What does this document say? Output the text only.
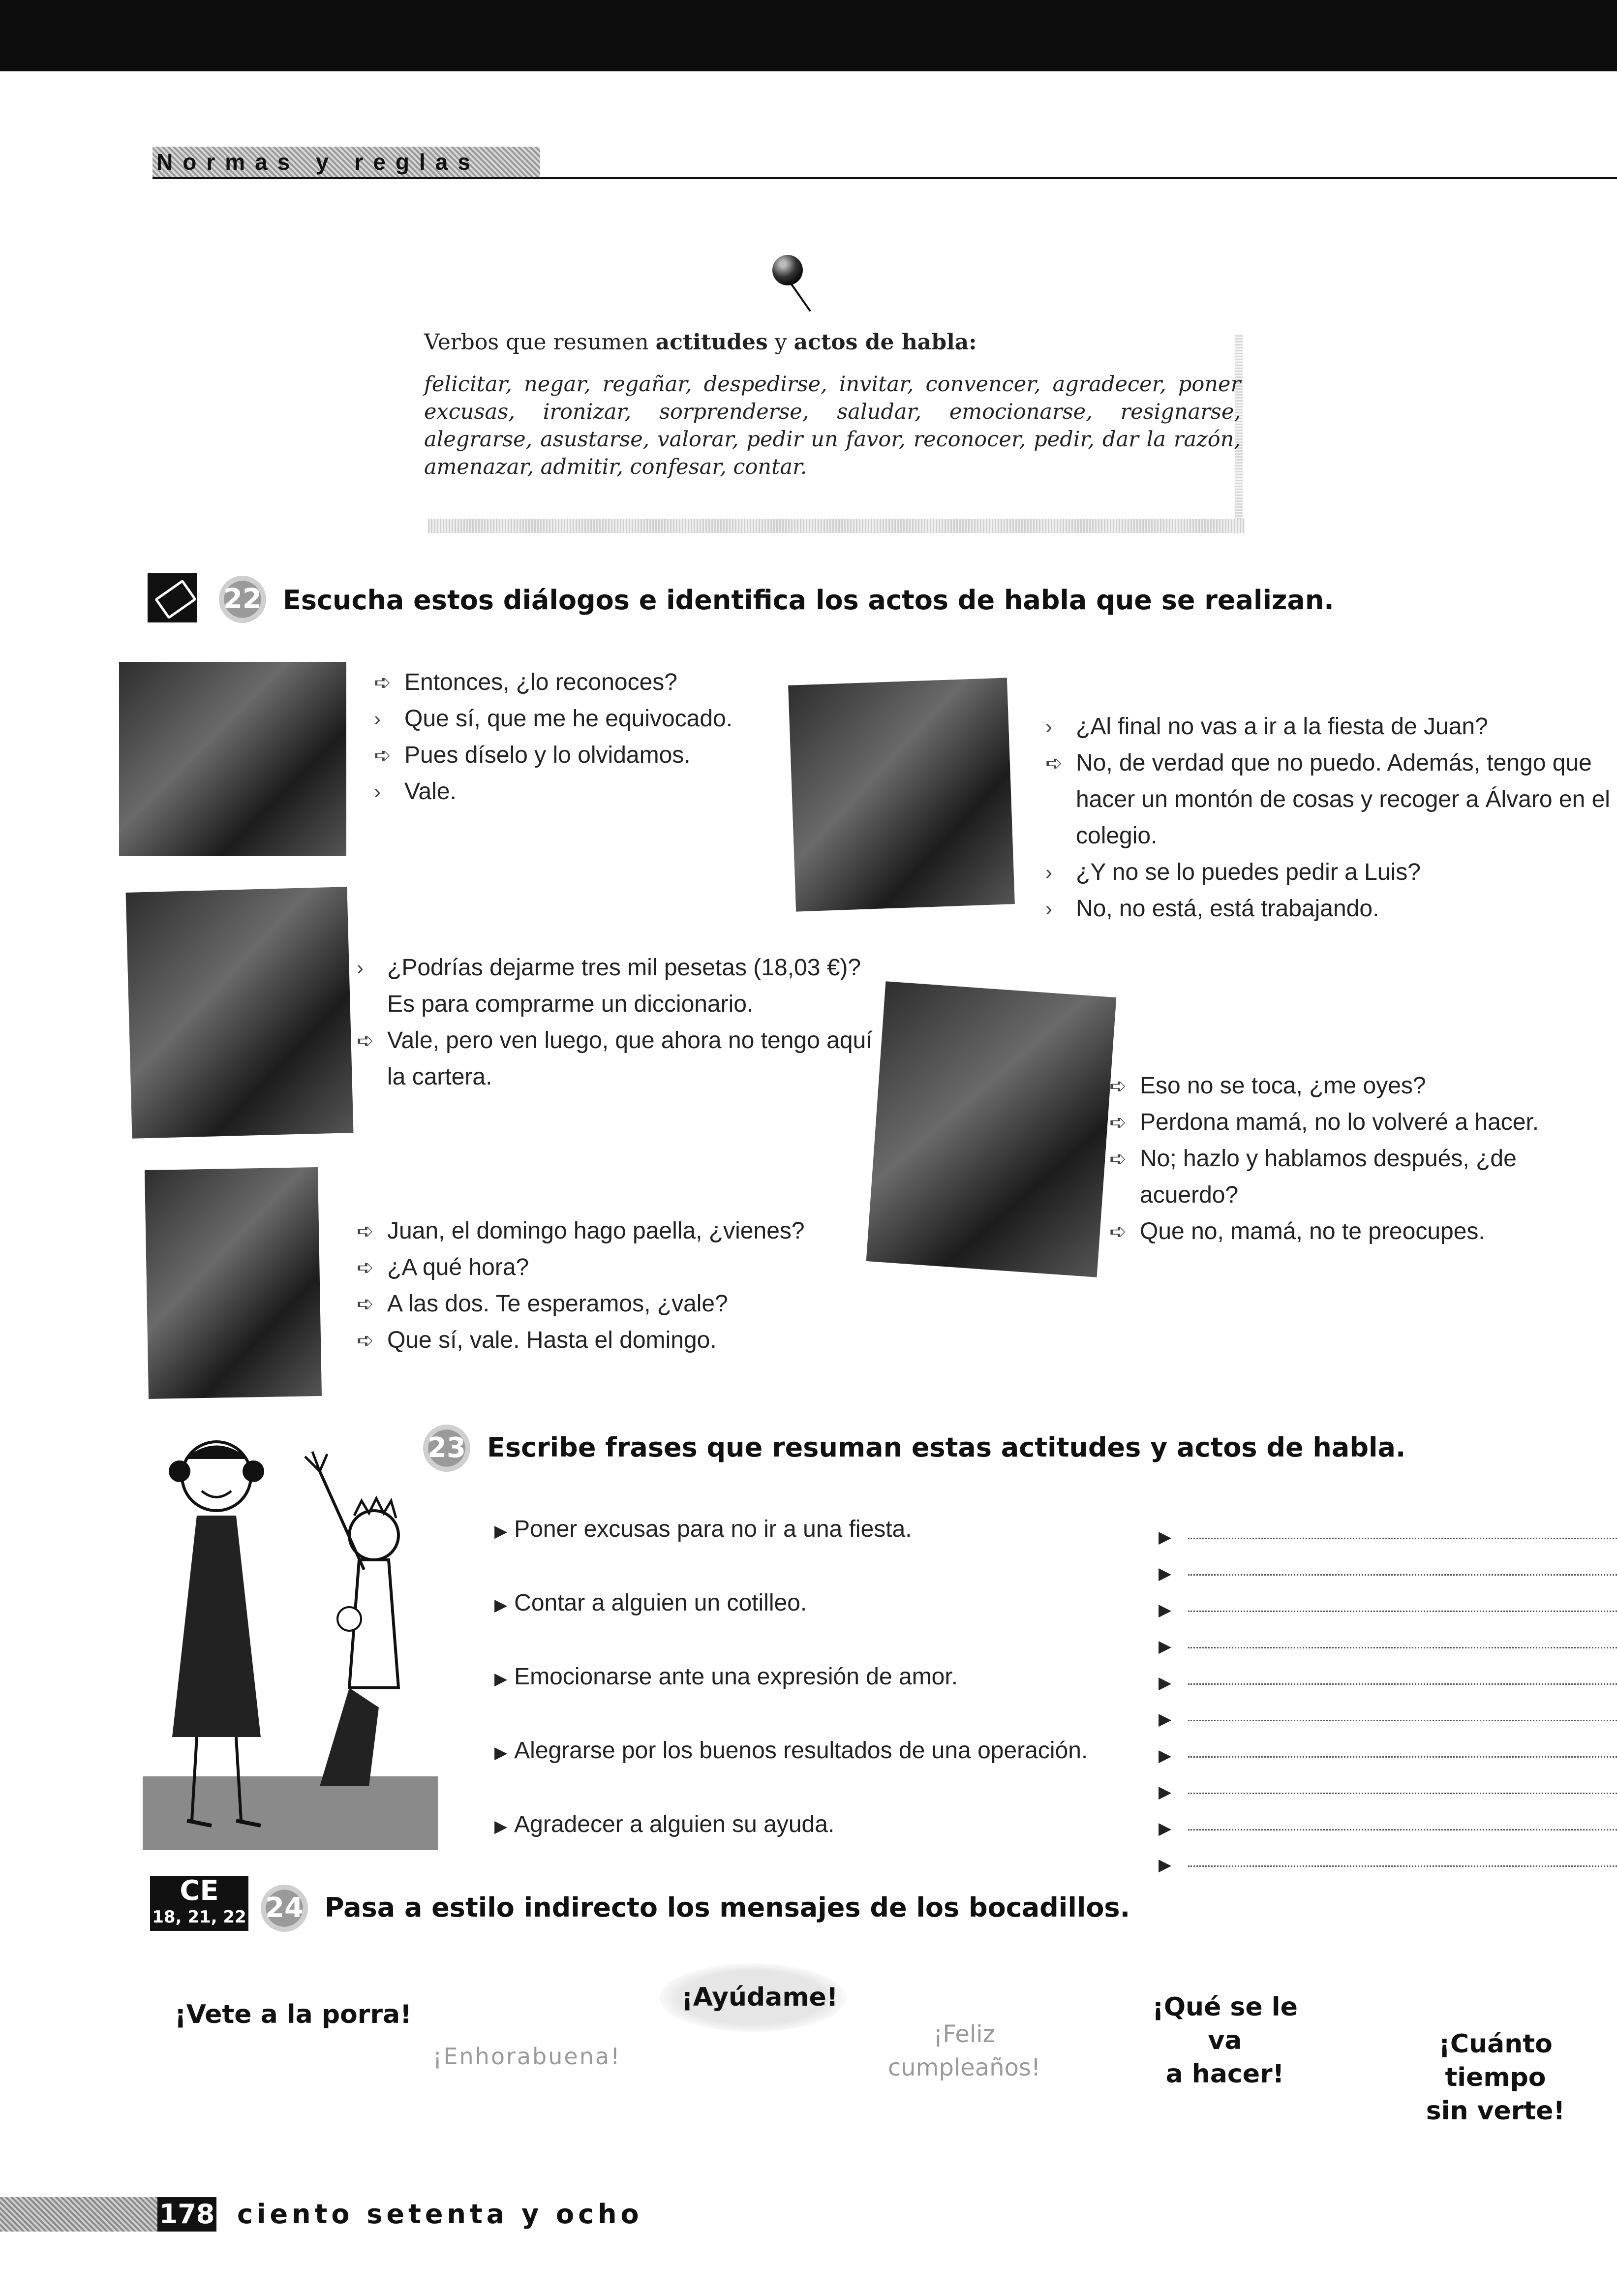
Normas y reglas
Verbos que resumen actitudes y actos de habla:
felicitar, negar, regañar, despedirse, invitar, convencer, agradecer, poner excusas, ironizar, sorprenderse, saludar, emocionarse, resignarse, alegrarse, asustarse, valorar, pedir un favor, reconocer, pedir, dar la razón, amenazar, admitir, confesar, contar.
22 Escucha estos diálogos e identifica los actos de habla que se realizan.
➪ Entonces, ¿lo reconoces?
›	Que sí, que me he equivocado.
➪ Pues díselo y lo olvidamos.
›	Vale.
›	¿Al final no vas a ir a la fiesta de Juan?
➪ No, de verdad que no puedo. Además, tengo que hacer un montón de cosas y recoger a Álvaro en el colegio.
›	¿Y no se lo puedes pedir a Luis?
›	No, no está, está trabajando.
›	¿Podrías dejarme tres mil pesetas (18,03 €)? Es para comprarme un diccionario.
➪ Vale, pero ven luego, que ahora no tengo aquí la cartera.	➪ Eso no se toca, ¿me oyes?
➪ Perdona mamá, no lo volveré a hacer.
➪ No; hazlo y hablamos después, ¿de acuerdo?
➪ Que no, mamá, no te preocupes.
➪ Juan, el domingo hago paella, ¿vienes?
➪ ¿A qué hora?
➪ A las dos. Te esperamos, ¿vale?
➪ Que sí, vale. Hasta el domingo.
23 Escribe frases que resuman estas actitudes y actos de habla.
▶ Poner excusas para no ir a una fiesta.
▶ Contar a alguien un cotilleo.
▶ Emocionarse ante una expresión de amor.
▶ Alegrarse por los buenos resultados de una operación.
▶ Agradecer a alguien su ayuda.
▶
▶
▶
▶
▶
▶
▶
▶
▶
▶
CE
18, 21, 22 24 Pasa a estilo indirecto los mensajes de los bocadillos.
¡Vete a la porra!
¡Enhorabuena!
¡Ayúdame!
¡Feliz
cumpleaños!
¡Qué se le va
a hacer!
¡Cuánto tiempo
sin verte!
178 ciento setenta y ocho
